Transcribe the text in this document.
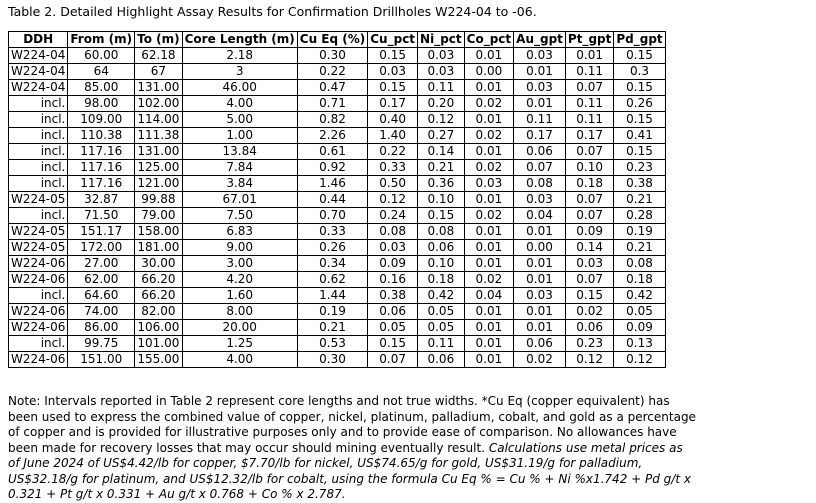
Table 2. Detailed Highlight Assay Results for Confirmation Drillholes W224-04 to -06.
DDH	From (m)	To (m)	Core Length (m)	Cu Eq (%)	Cu_pct	Ni_pct	Co_pct	Au_gpt	Pt_gpt	Pd_gpt
W224-04	60.00	62.18	2.18	0.30	0.15	0.03	0.01	0.03	0.01	0.15
W224-04	64	67	3	0.22	0.03	0.03	0.00	0.01	0.11	0.3
W224-04	85.00	131.00	46.00	0.47	0.15	0.11	0.01	0.03	0.07	0.15
incl.	98.00	102.00	4.00	0.71	0.17	0.20	0.02	0.01	0.11	0.26
incl.	109.00	114.00	5.00	0.82	0.40	0.12	0.01	0.11	0.11	0.15
incl.	110.38	111.38	1.00	2.26	1.40	0.27	0.02	0.17	0.17	0.41
incl.	117.16	131.00	13.84	0.61	0.22	0.14	0.01	0.06	0.07	0.15
incl.	117.16	125.00	7.84	0.92	0.33	0.21	0.02	0.07	0.10	0.23
incl.	117.16	121.00	3.84	1.46	0.50	0.36	0.03	0.08	0.18	0.38
W224-05	32.87	99.88	67.01	0.44	0.12	0.10	0.01	0.03	0.07	0.21
incl.	71.50	79.00	7.50	0.70	0.24	0.15	0.02	0.04	0.07	0.28
W224-05	151.17	158.00	6.83	0.33	0.08	0.08	0.01	0.01	0.09	0.19
W224-05	172.00	181.00	9.00	0.26	0.03	0.06	0.01	0.00	0.14	0.21
W224-06	27.00	30.00	3.00	0.34	0.09	0.10	0.01	0.01	0.03	0.08
W224-06	62.00	66.20	4.20	0.62	0.16	0.18	0.02	0.01	0.07	0.18
incl.	64.60	66.20	1.60	1.44	0.38	0.42	0.04	0.03	0.15	0.42
W224-06	74.00	82.00	8.00	0.19	0.06	0.05	0.01	0.01	0.02	0.05
W224-06	86.00	106.00	20.00	0.21	0.05	0.05	0.01	0.01	0.06	0.09
incl.	99.75	101.00	1.25	0.53	0.15	0.11	0.01	0.06	0.23	0.13
W224-06	151.00	155.00	4.00	0.30	0.07	0.06	0.01	0.02	0.12	0.12
Note: Intervals reported in Table 2 represent core lengths and not true widths. *Cu Eq (copper equivalent) has been used to express the combined value of copper, nickel, platinum, palladium, cobalt, and gold as a percentage of copper and is provided for illustrative purposes only and to provide ease of comparison. No allowances have been made for recovery losses that may occur should mining eventually result. Calculations use metal prices as of June 2024 of US$4.42/lb for copper, $7.70/lb for nickel, US$74.65/g for gold, US$31.19/g for palladium, US$32.18/g for platinum, and US$12.32/lb for cobalt, using the formula Cu Eq % = Cu % + Ni %x1.742 + Pd g/t x 0.321 + Pt g/t x 0.331 + Au g/t x 0.768 + Co % x 2.787.
